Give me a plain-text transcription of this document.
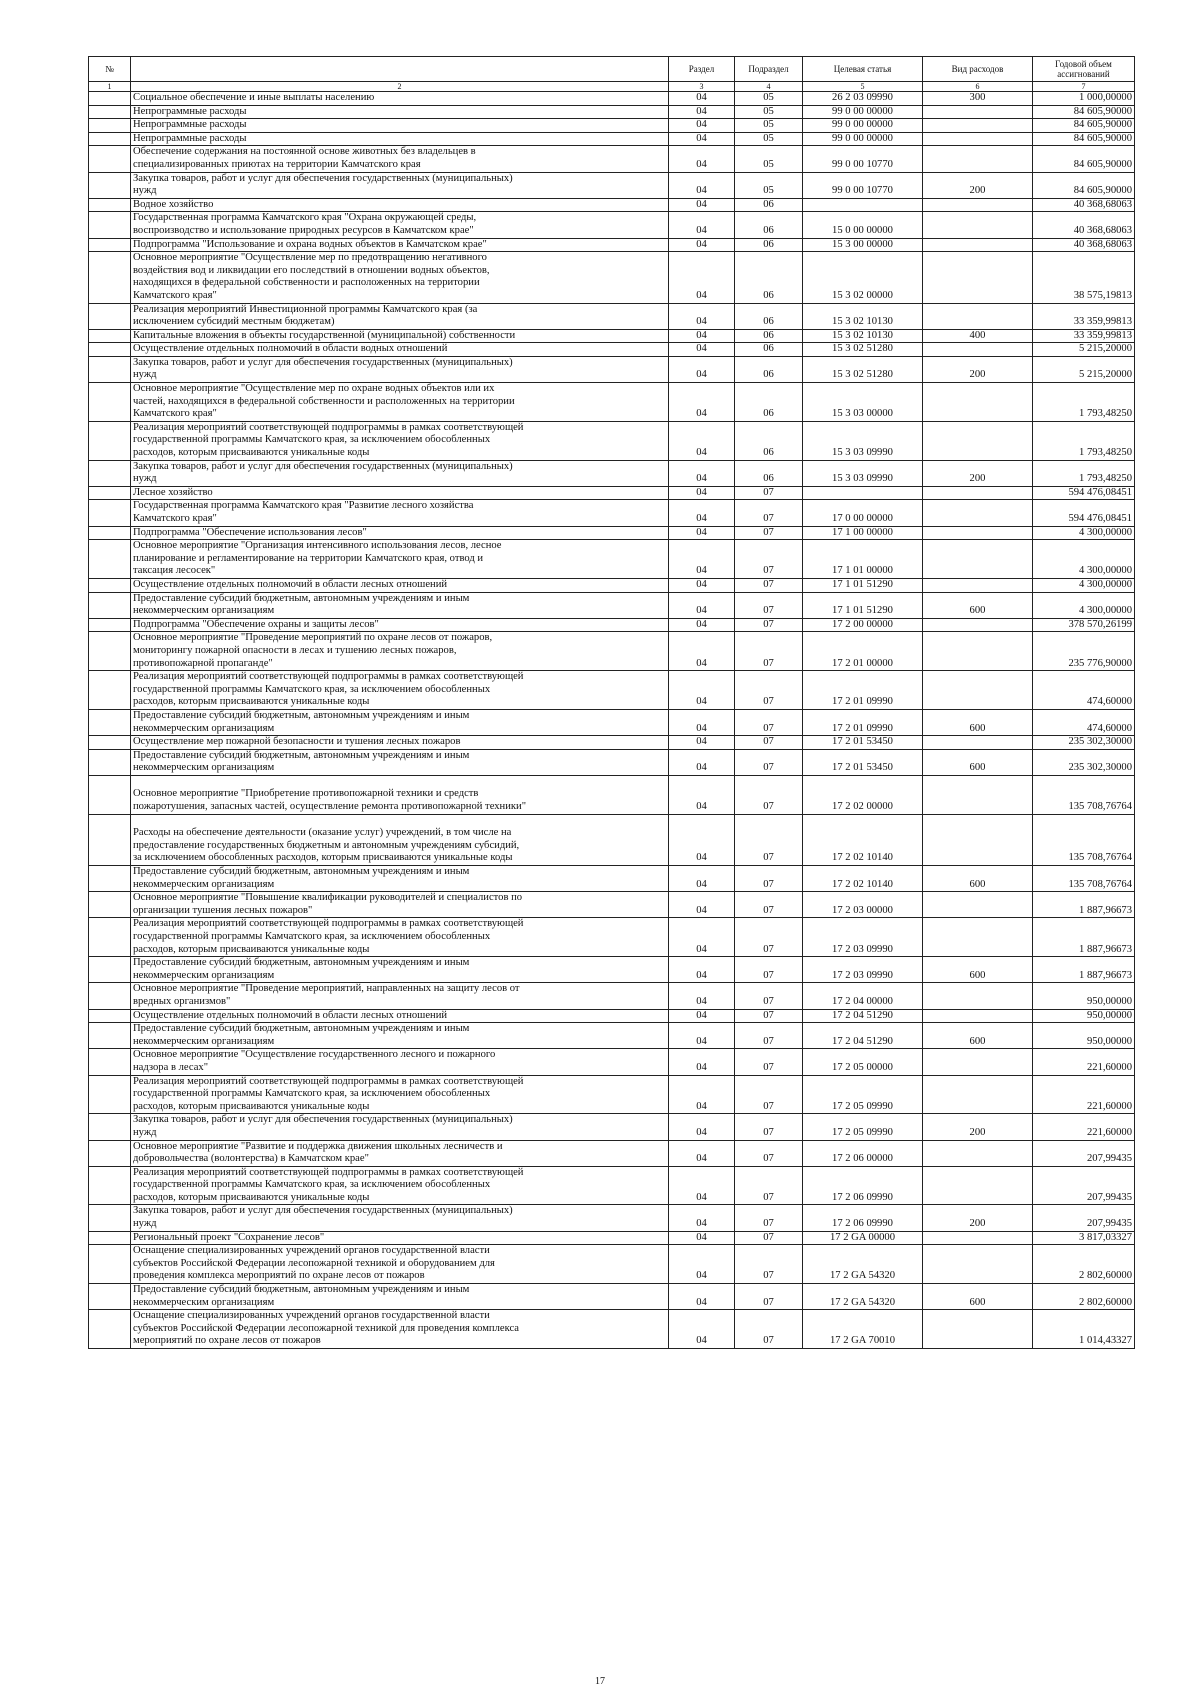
№		Раздел	Подраздел	Целевая статья	Вид расходов	Годовой объем ассигнований
1	2	3	4	5	6	7
	Социальное обеспечение и иные выплаты населению	04	05	26 2 03 09990	300	1 000,00000
	Непрограммные расходы	04	05	99 0 00 00000		84 605,90000
	Непрограммные расходы	04	05	99 0 00 00000		84 605,90000
	Непрограммные расходы	04	05	99 0 00 00000		84 605,90000
	Обеспечение содержания на постоянной основе животных без владельцев в
специализированных приютах на территории Камчатского края	04	05	99 0 00 10770		84 605,90000
	Закупка товаров, работ и услуг для обеспечения государственных (муниципальных)
нужд	04	05	99 0 00 10770	200	84 605,90000
	Водное хозяйство	04	06			40 368,68063
	Государственная программа Камчатского края "Охрана окружающей среды,
воспроизводство и использование природных ресурсов в Камчатском крае"	04	06	15 0 00 00000		40 368,68063
	Подпрограмма "Использование и охрана водных объектов в Камчатском крае"	04	06	15 3 00 00000		40 368,68063
	Основное мероприятие "Осуществление мер по предотвращению негативного
воздействия вод и ликвидации его последствий в отношении водных объектов,
находящихся в федеральной собственности и расположенных на территории
Камчатского края"	04	06	15 3 02 00000		38 575,19813
	Реализация мероприятий Инвестиционной программы Камчатского края (за
исключением субсидий местным бюджетам)	04	06	15 3 02 10130		33 359,99813
	Капитальные вложения в объекты государственной (муниципальной) собственности	04	06	15 3 02 10130	400	33 359,99813
	Осуществление отдельных полномочий в области водных отношений	04	06	15 3 02 51280		5 215,20000
	Закупка товаров, работ и услуг для обеспечения государственных (муниципальных)
нужд	04	06	15 3 02 51280	200	5 215,20000
	Основное мероприятие "Осуществление мер по охране водных объектов или их
частей, находящихся в федеральной собственности и расположенных на территории
Камчатского края"	04	06	15 3 03 00000		1 793,48250
	Реализация мероприятий соответствующей подпрограммы в рамках соответствующей
государственной программы Камчатского края, за исключением обособленных
расходов, которым присваиваются уникальные коды	04	06	15 3 03 09990		1 793,48250
	Закупка товаров, работ и услуг для обеспечения государственных (муниципальных)
нужд	04	06	15 3 03 09990	200	1 793,48250
	Лесное хозяйство	04	07			594 476,08451
	Государственная программа Камчатского края "Развитие лесного хозяйства
Камчатского края"	04	07	17 0 00 00000		594 476,08451
	Подпрограмма "Обеспечение использования лесов"	04	07	17 1 00 00000		4 300,00000
	Основное мероприятие "Организация интенсивного использования лесов, лесное
планирование и регламентирование на территории Камчатского края, отвод и
таксация лесосек"	04	07	17 1 01 00000		4 300,00000
	Осуществление отдельных полномочий в области лесных отношений	04	07	17 1 01 51290		4 300,00000
	Предоставление субсидий бюджетным, автономным учреждениям и иным
некоммерческим организациям	04	07	17 1 01 51290	600	4 300,00000
	Подпрограмма "Обеспечение охраны и защиты лесов"	04	07	17 2 00 00000		378 570,26199
	Основное мероприятие "Проведение мероприятий по охране лесов от пожаров,
мониторингу пожарной опасности в лесах и тушению лесных пожаров,
противопожарной пропаганде"	04	07	17 2 01 00000		235 776,90000
	Реализация мероприятий соответствующей подпрограммы в рамках соответствующей
государственной программы Камчатского края, за исключением обособленных
расходов, которым присваиваются уникальные коды	04	07	17 2 01 09990		474,60000
	Предоставление субсидий бюджетным, автономным учреждениям и иным
некоммерческим организациям	04	07	17 2 01 09990	600	474,60000
	Осуществление мер пожарной безопасности и тушения лесных пожаров	04	07	17 2 01 53450		235 302,30000
	Предоставление субсидий бюджетным, автономным учреждениям и иным
некоммерческим организациям	04	07	17 2 01 53450	600	235 302,30000

Основное мероприятие "Приобретение противопожарной техники и средств
пожаротушения, запасных частей, осуществление ремонта противопожарной техники"	04	07	17 2 02 00000		135 708,76764

Расходы на обеспечение деятельности (оказание услуг) учреждений, в том числе на
предоставление государственных бюджетным и автономным учреждениям субсидий,
за исключением обособленных расходов, которым присваиваются уникальные коды	04	07	17 2 02 10140		135 708,76764
	Предоставление субсидий бюджетным, автономным учреждениям и иным
некоммерческим организациям	04	07	17 2 02 10140	600	135 708,76764
	Основное мероприятие "Повышение квалификации руководителей и специалистов по
организации тушения лесных пожаров"	04	07	17 2 03 00000		1 887,96673
	Реализация мероприятий соответствующей подпрограммы в рамках соответствующей
государственной программы Камчатского края, за исключением обособленных
расходов, которым присваиваются уникальные коды	04	07	17 2 03 09990		1 887,96673
	Предоставление субсидий бюджетным, автономным учреждениям и иным
некоммерческим организациям	04	07	17 2 03 09990	600	1 887,96673
	Основное мероприятие "Проведение мероприятий, направленных на защиту лесов от
вредных организмов"	04	07	17 2 04 00000		950,00000
	Осуществление отдельных полномочий в области лесных отношений	04	07	17 2 04 51290		950,00000
	Предоставление субсидий бюджетным, автономным учреждениям и иным
некоммерческим организациям	04	07	17 2 04 51290	600	950,00000
	Основное мероприятие "Осуществление государственного лесного и пожарного
надзора в лесах"	04	07	17 2 05 00000		221,60000
	Реализация мероприятий соответствующей подпрограммы в рамках соответствующей
государственной программы Камчатского края, за исключением обособленных
расходов, которым присваиваются уникальные коды	04	07	17 2 05 09990		221,60000
	Закупка товаров, работ и услуг для обеспечения государственных (муниципальных)
нужд	04	07	17 2 05 09990	200	221,60000
	Основное мероприятие "Развитие и поддержка движения школьных лесничеств и
добровольчества (волонтерства) в Камчатском крае"	04	07	17 2 06 00000		207,99435
	Реализация мероприятий соответствующей подпрограммы в рамках соответствующей
государственной программы Камчатского края, за исключением обособленных
расходов, которым присваиваются уникальные коды	04	07	17 2 06 09990		207,99435
	Закупка товаров, работ и услуг для обеспечения государственных (муниципальных)
нужд	04	07	17 2 06 09990	200	207,99435
	Региональный проект "Сохранение лесов"	04	07	17 2 GA 00000		3 817,03327
	Оснащение специализированных учреждений органов государственной власти
субъектов Российской Федерации лесопожарной техникой и оборудованием для
проведения комплекса мероприятий по охране лесов от пожаров	04	07	17 2 GA 54320		2 802,60000
	Предоставление субсидий бюджетным, автономным учреждениям и иным
некоммерческим организациям	04	07	17 2 GA 54320	600	2 802,60000
	Оснащение специализированных учреждений органов государственной власти
субъектов Российской Федерации лесопожарной техникой для проведения комплекса
мероприятий по охране лесов от пожаров	04	07	17 2 GA 70010		1 014,43327
17
